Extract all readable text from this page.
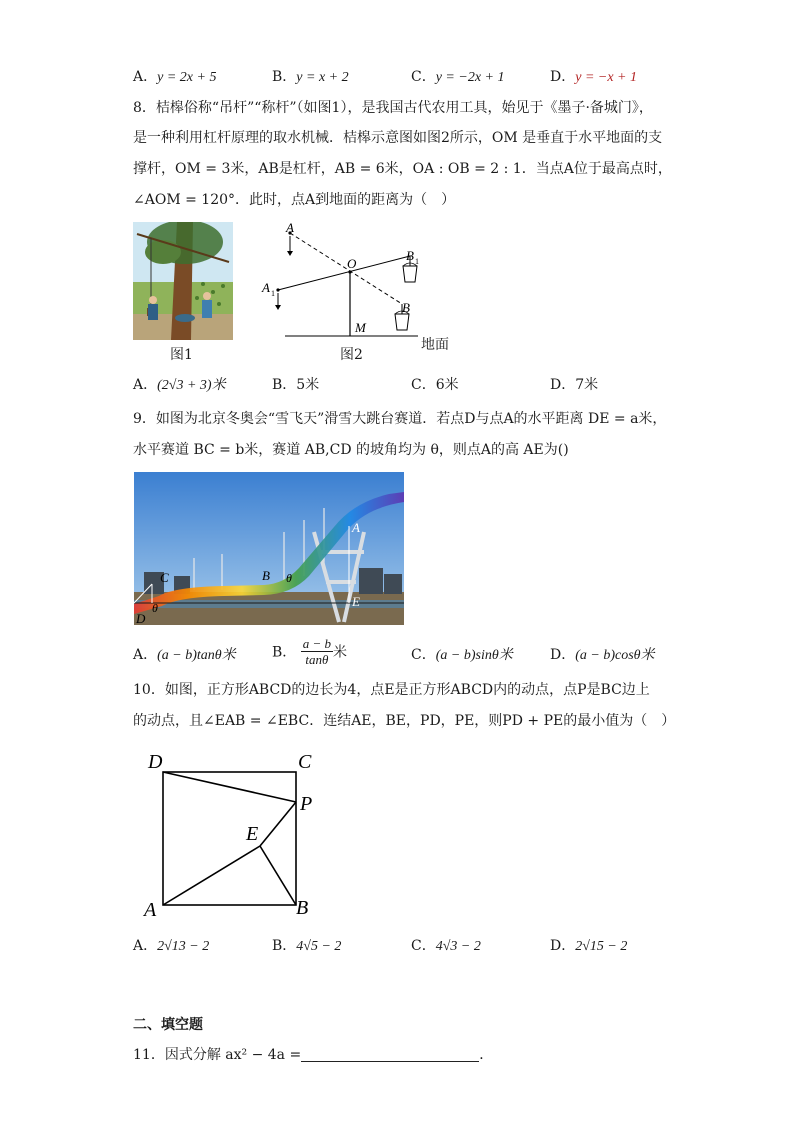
A．y = 2x + 5	B．y = x + 2	C．y = −2x + 1	D．y = −x + 1
8．桔槔俗称“吊杆”“称杆”（如图1），是我国古代农用工具，始见于《墨子·备城门》，
是一种利用杠杆原理的取水机械．桔槔示意图如图2所示，OM 是垂直于水平地面的支
撑杆，OM = 3米，AB是杠杆，AB = 6米，OA : OB = 2 : 1．当点A位于最高点时，
∠AOM = 120°．此时，点A到地面的距离为（　）
图1
A
A 1
O
B 1
B
M
图2
地面
A．(2√3 + 3)米	B．5米	C．6米	D．7米
9．如图为北京冬奥会“雪飞天”滑雪大跳台赛道．若点D与点A的水平距离 DE = a米，
水平赛道 BC = b米，赛道 AB,CD 的坡角均为 θ，则点A的高 AE为()
A
B
C
D
E
θ
θ
A．(a − b)tanθ米	B． $\frac{a - b}{\tan\theta}$ 米	C．(a − b)sinθ米	D．(a − b)cosθ米
10．如图，正方形ABCD的边长为4，点E是正方形ABCD内的动点，点P是BC边上
的动点，且∠EAB = ∠EBC．连结AE，BE，PD，PE，则PD + PE的最小值为（　）
D	C
P
E
A	B
A．2√13 − 2	B．4√5 − 2	C．4√3 − 2	D．2√15 − 2
二、填空题
11．因式分解 ax² − 4a =	．
